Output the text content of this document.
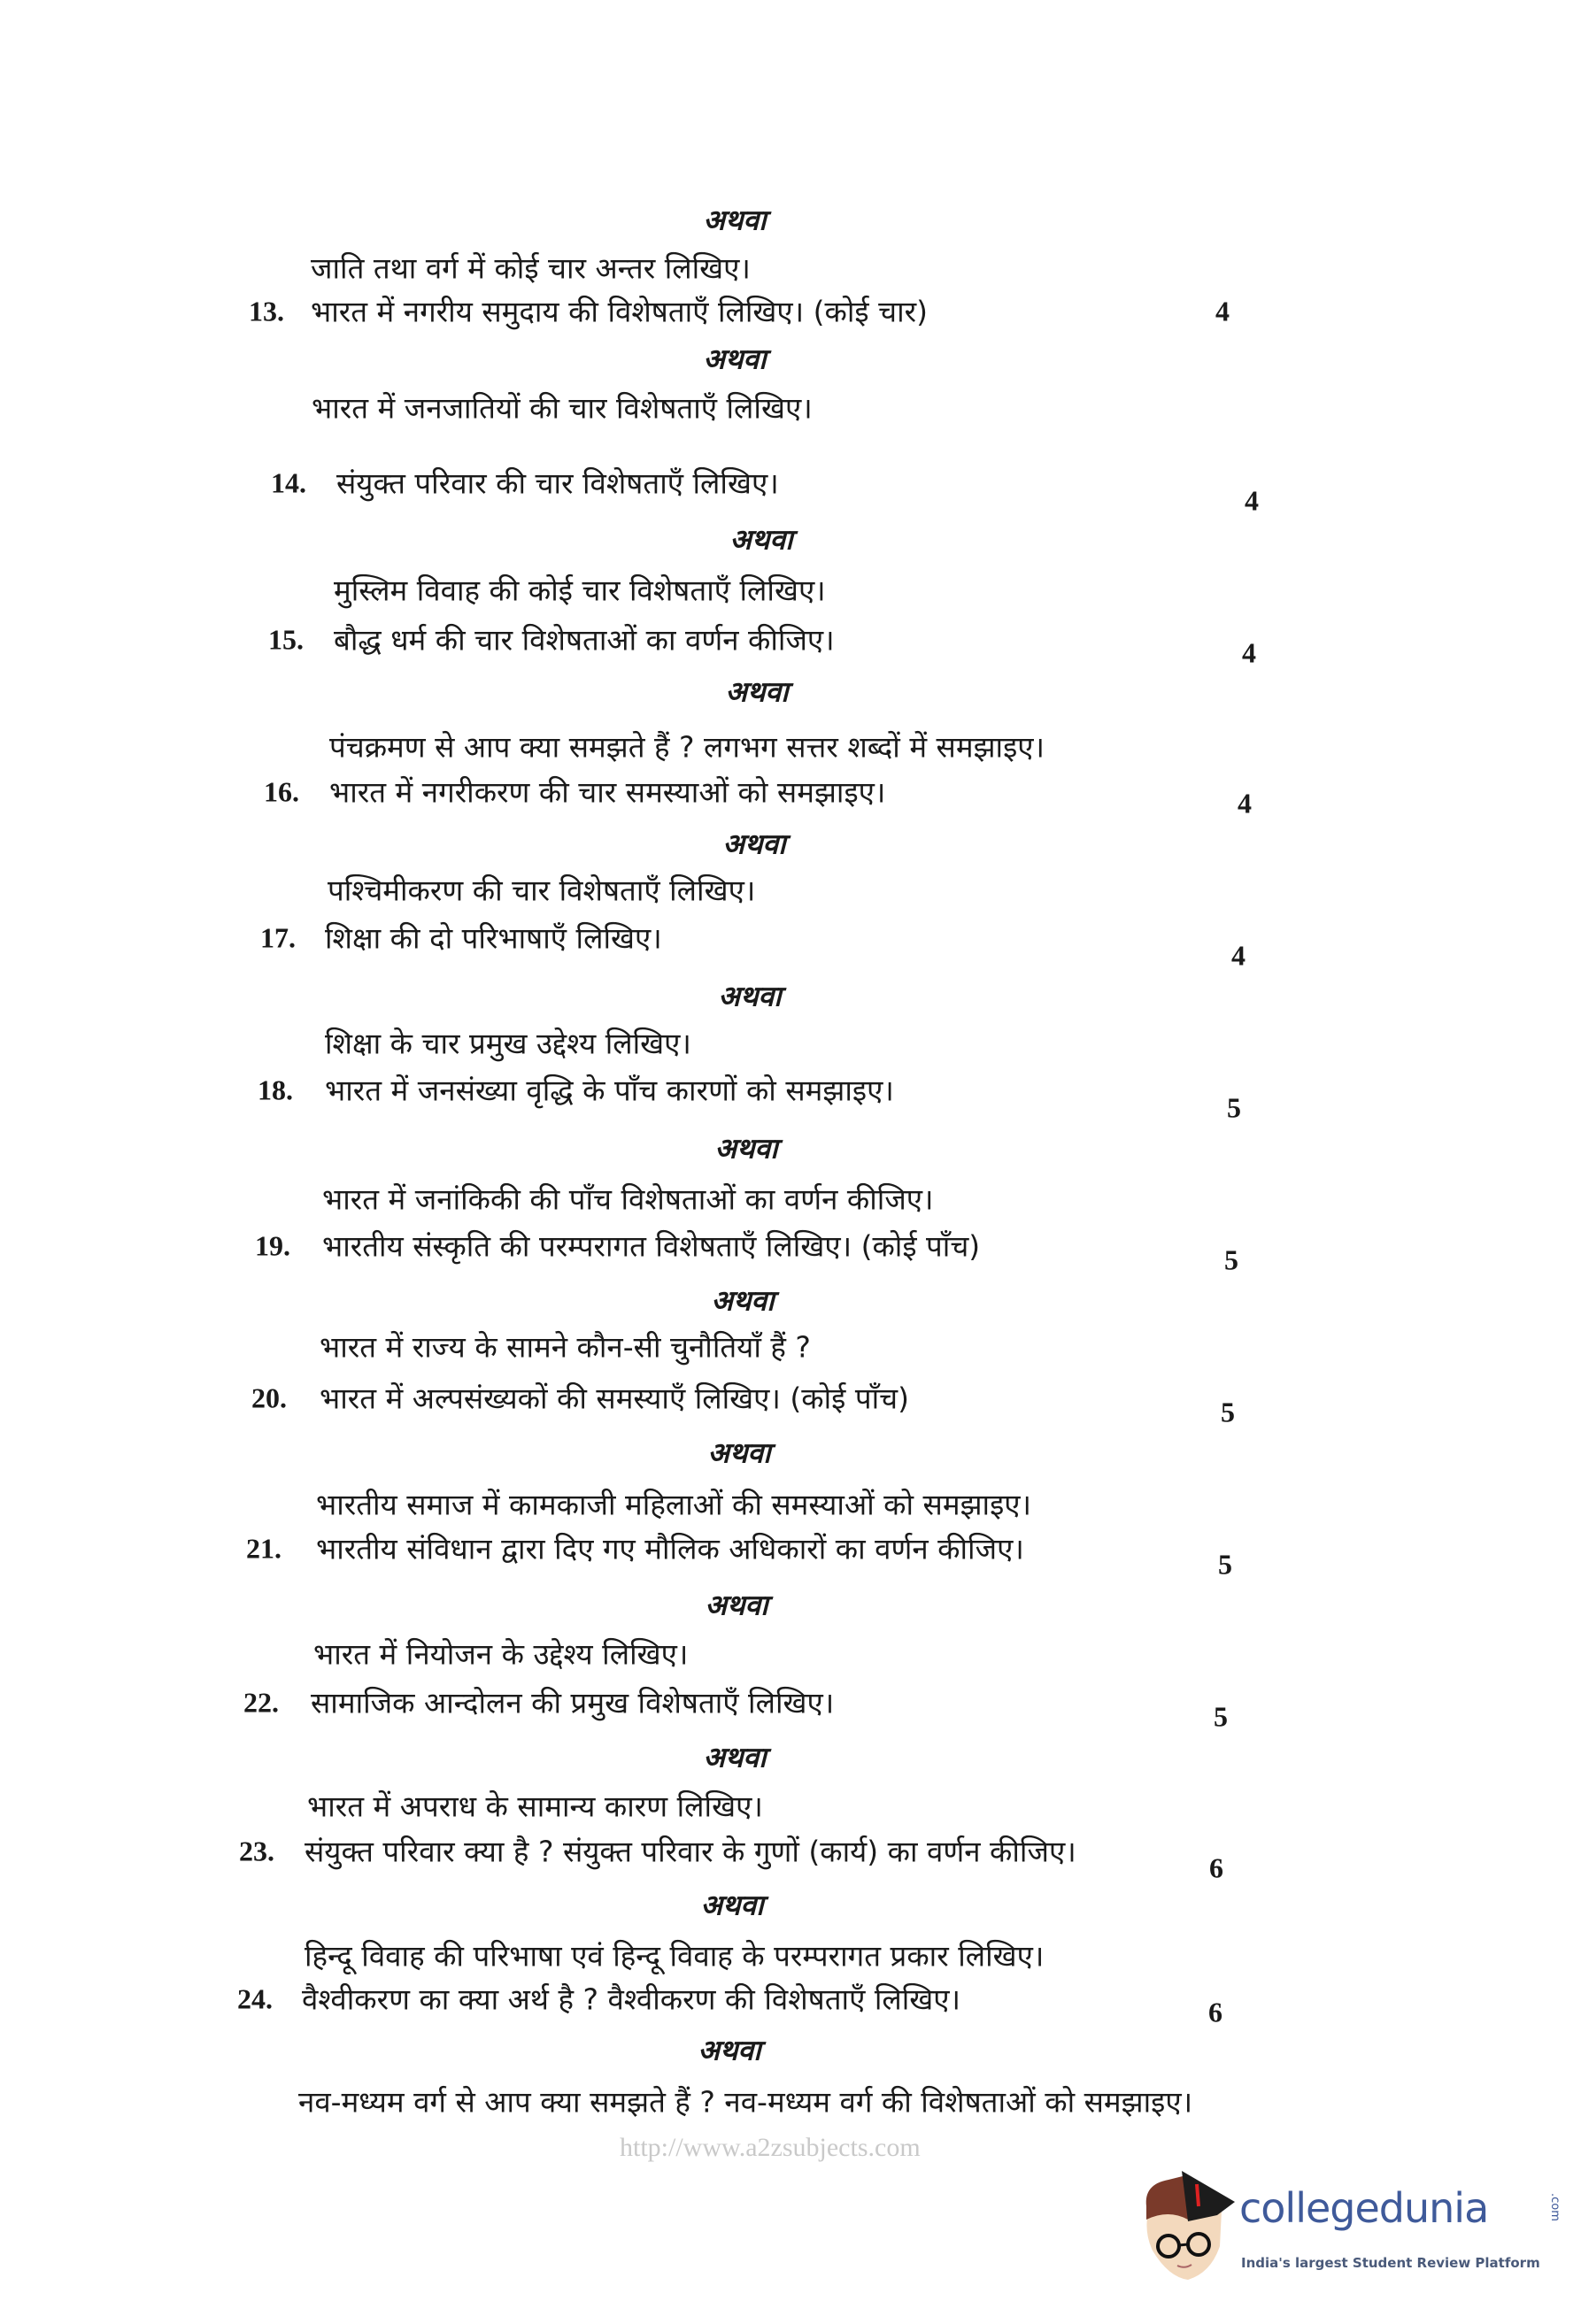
http://www.a2zsubjects.com
collegedunia	.com
India's largest Student Review Platform
अथवा
जाति तथा वर्ग में कोई चार अन्तर लिखिए।
13. भारत में नगरीय समुदाय की विशेषताएँ लिखिए। (कोई चार)	4
अथवा
भारत में जनजातियों की चार विशेषताएँ लिखिए।
14. संयुक्त परिवार की चार विशेषताएँ लिखिए।	4
अथवा
मुस्लिम विवाह की कोई चार विशेषताएँ लिखिए।
15. बौद्ध धर्म की चार विशेषताओं का वर्णन कीजिए।	4
अथवा
पंचक्रमण से आप क्या समझते हैं ? लगभग सत्तर शब्दों में समझाइए।
16. भारत में नगरीकरण की चार समस्याओं को समझाइए।	4
अथवा
पश्चिमीकरण की चार विशेषताएँ लिखिए।
17. शिक्षा की दो परिभाषाएँ लिखिए।	4
अथवा
शिक्षा के चार प्रमुख उद्देश्य लिखिए।
18. भारत में जनसंख्या वृद्धि के पाँच कारणों को समझाइए।	5
अथवा
भारत में जनांकिकी की पाँच विशेषताओं का वर्णन कीजिए।
19. भारतीय संस्कृति की परम्परागत विशेषताएँ लिखिए। (कोई पाँच)	5
अथवा
भारत में राज्य के सामने कौन-सी चुनौतियाँ हैं ?
20. भारत में अल्पसंख्यकों की समस्याएँ लिखिए। (कोई पाँच)	5
अथवा
भारतीय समाज में कामकाजी महिलाओं की समस्याओं को समझाइए।
21. भारतीय संविधान द्वारा दिए गए मौलिक अधिकारों का वर्णन कीजिए।	5
अथवा
भारत में नियोजन के उद्देश्य लिखिए।
22. सामाजिक आन्दोलन की प्रमुख विशेषताएँ लिखिए।	5
अथवा
भारत में अपराध के सामान्य कारण लिखिए।
23. संयुक्त परिवार क्या है ? संयुक्त परिवार के गुणों (कार्य) का वर्णन कीजिए।	6
अथवा
हिन्दू विवाह की परिभाषा एवं हिन्दू विवाह के परम्परागत प्रकार लिखिए।
24. वैश्वीकरण का क्या अर्थ है ? वैश्वीकरण की विशेषताएँ लिखिए।	6
अथवा
नव-मध्यम वर्ग से आप क्या समझते हैं ? नव-मध्यम वर्ग की विशेषताओं को समझाइए।
